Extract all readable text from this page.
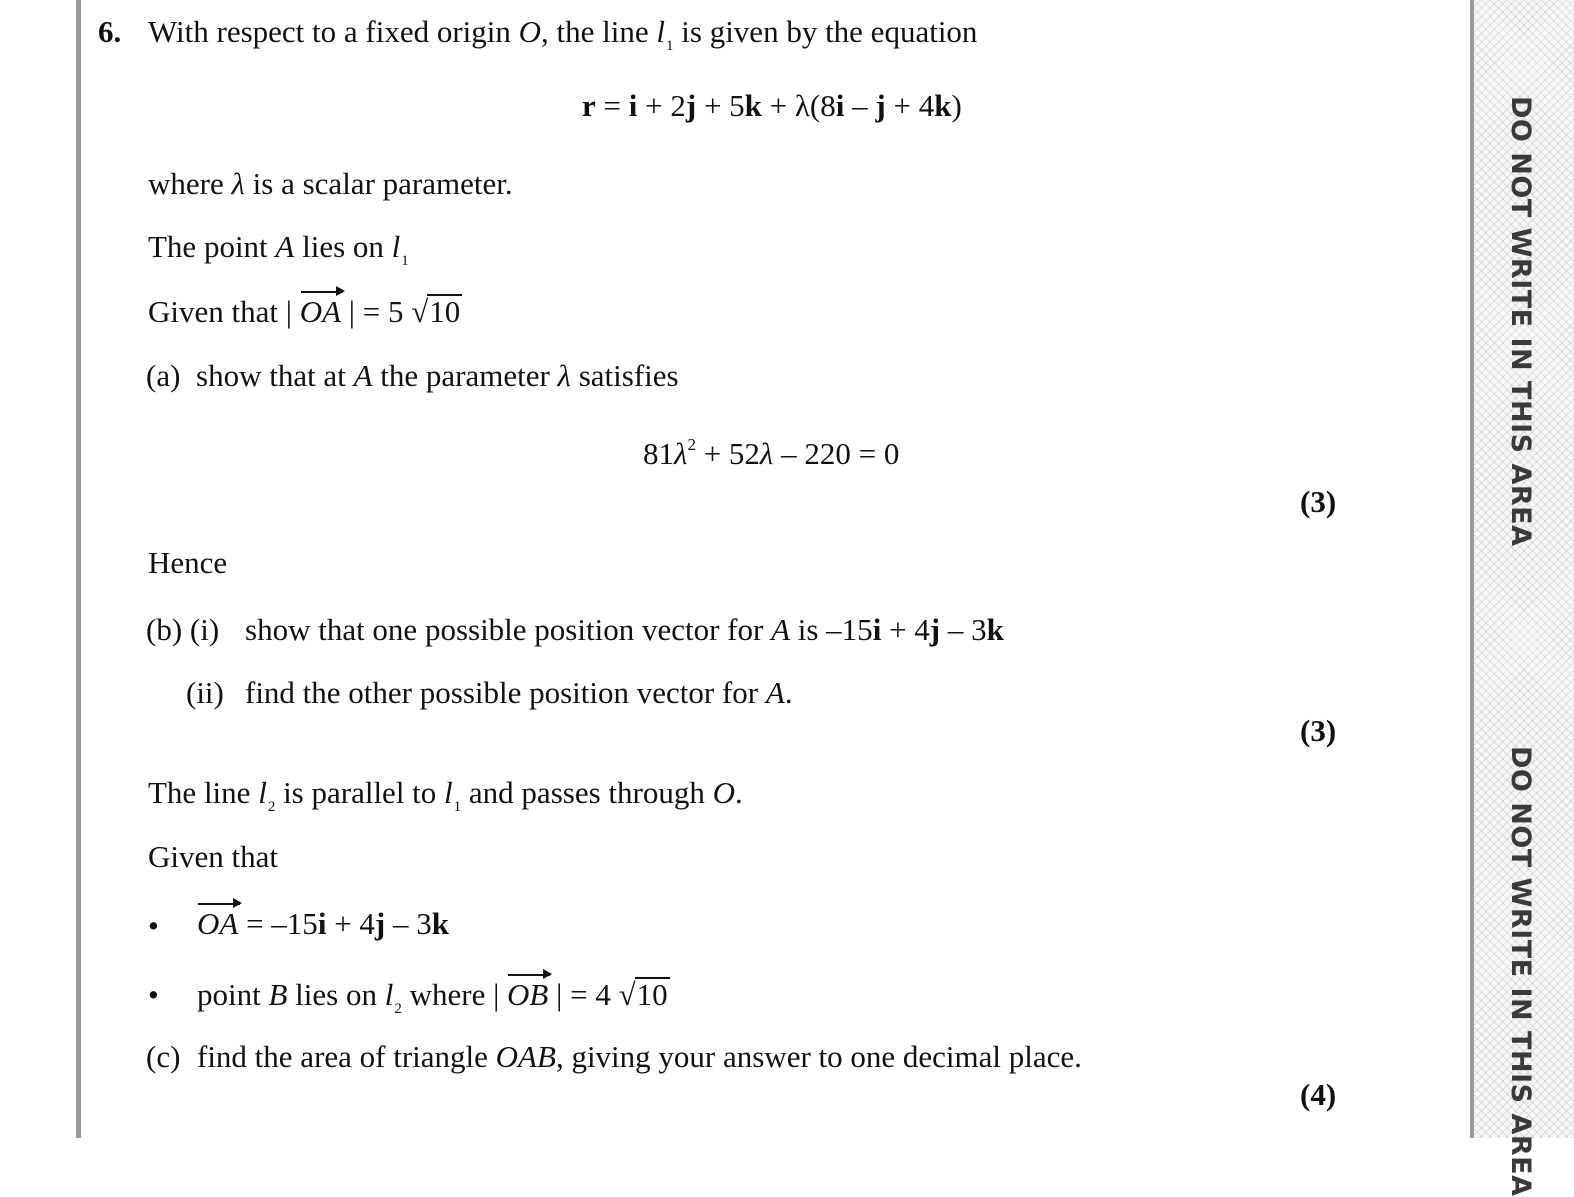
DO NOT WRITE IN THIS AREA
DO NOT WRITE IN THIS AREA
6. With respect to a fixed origin O, the line $l_1$ is given by the equation
r = i + 2j + 5k + λ(8i – j + 4k)
where λ is a scalar parameter.
The point A lies on $l_1$
Given that | OA | = 5 √10
(a) show that at A the parameter λ satisfies
$81\lambda^2 + 52\lambda - 220 = 0$
(3)
Hence
(b) (i) show that one possible position vector for A is –15i + 4j – 3k
(ii) find the other possible position vector for A.
(3)
The line $l_2$ is parallel to $l_1$ and passes through O.
Given that
• OA = –15i + 4j – 3k
• point B lies on $l_2$ where | OB | = 4 √10
(c) find the area of triangle OAB, giving your answer to one decimal place.
(4)
